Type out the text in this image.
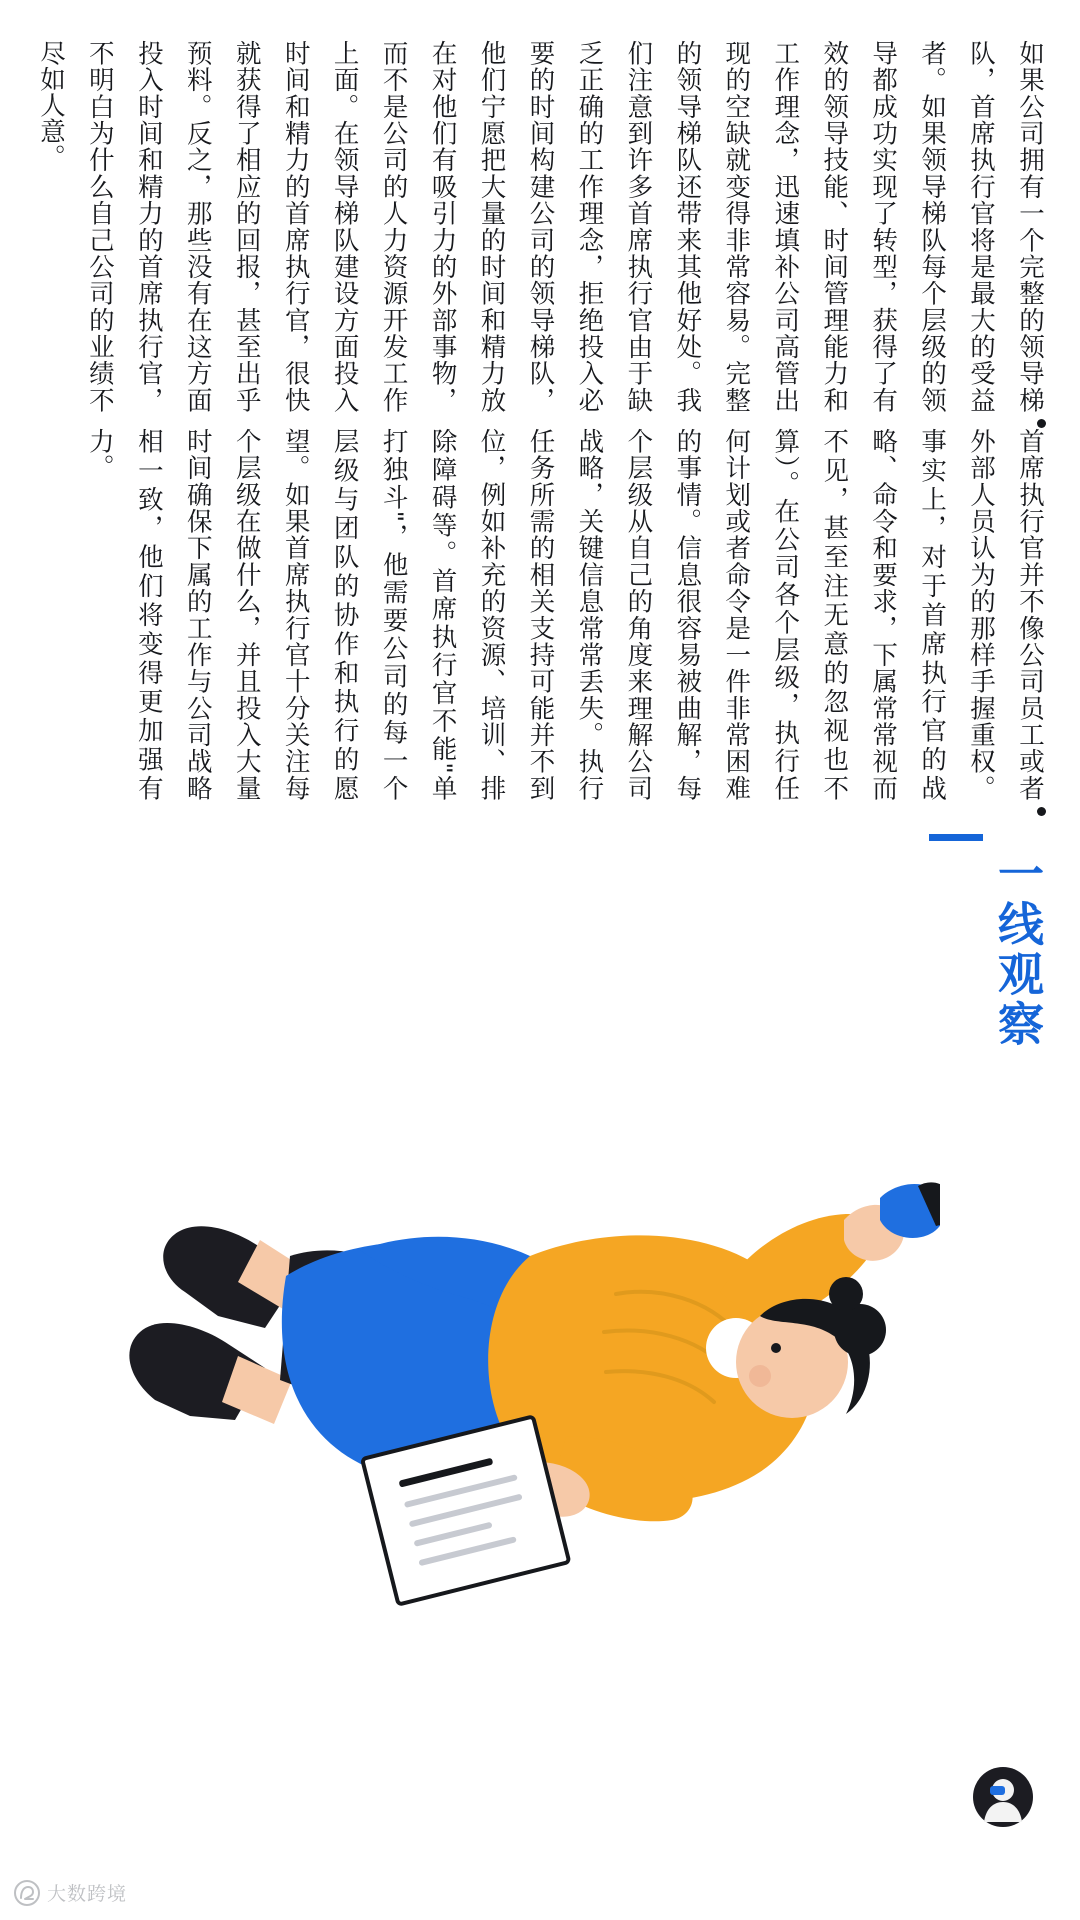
一线观察
首席执行官并不像公司员工或者外部人员认为的那样手握重权。事实上，对于首席执行官的战略、命令和要求，下属常常视而不见，甚至注无意的忽视也不算）。在公司各个层级，执行任何计划或者命令是一件非常困难的事情。信息很容易被曲解，每个层级从自己的角度来理解公司战略，关键信息常常丢失。执行任务所需的相关支持可能并不到位，例如补充的资源、培训、排除障碍等。首席执行官不能"单打独斗"，他需要公司的每一个层级与团队的协作和执行的愿望。如果首席执行官十分关注每个层级在做什么，并且投入大量时间确保下属的工作与公司战略相一致，他们将变得更加强有力。
如果公司拥有一个完整的领导梯队，首席执行官将是最大的受益者。如果领导梯队每个层级的领导都成功实现了转型，获得了有效的领导技能、时间管理能力和工作理念，迅速填补公司高管出现的空缺就变得非常容易。完整的领导梯队还带来其他好处。我们注意到许多首席执行官由于缺乏正确的工作理念，拒绝投入必要的时间构建公司的领导梯队，他们宁愿把大量的时间和精力放在对他们有吸引力的外部事物，而不是公司的人力资源开发工作上面。在领导梯队建设方面投入时间和精力的首席执行官，很快就获得了相应的回报，甚至出乎预料。反之，那些没有在这方面投入时间和精力的首席执行官，不明白为什么自己公司的业绩不尽如人意。
大数跨境
